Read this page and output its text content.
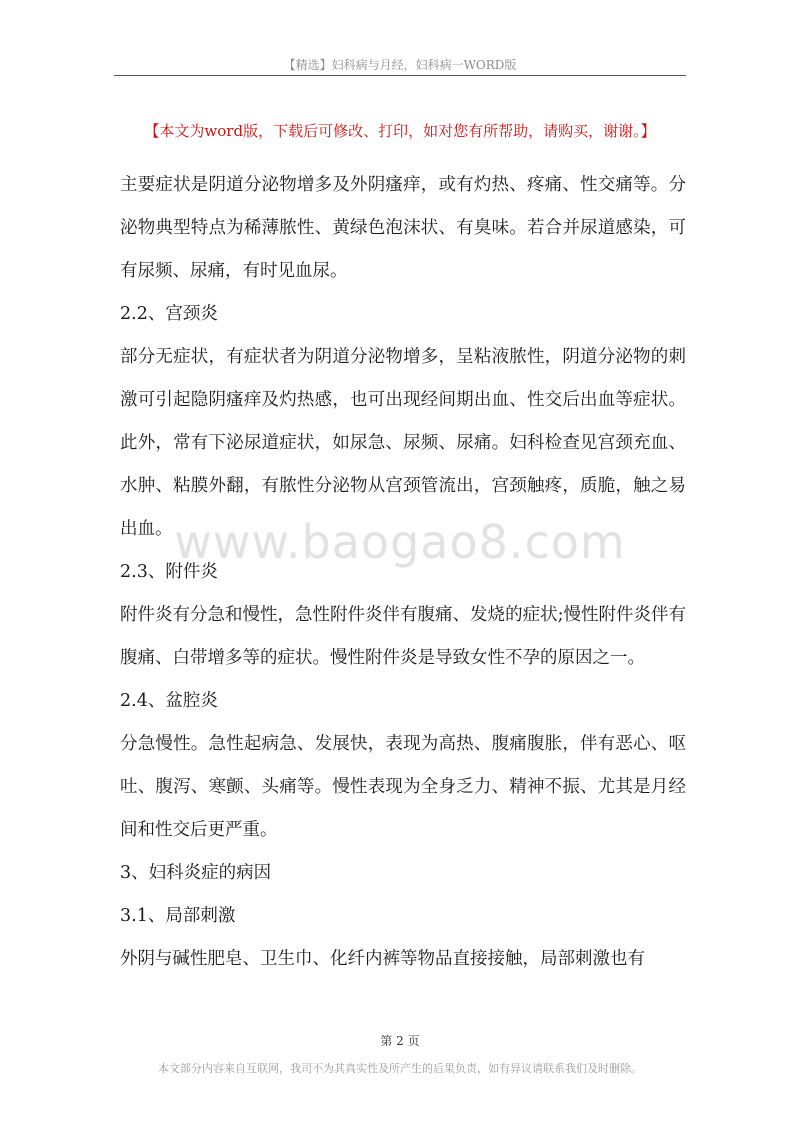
【精选】妇科病与月经，妇科病一WORD版
【本文为word版，下载后可修改、打印，如对您有所帮助，请购买，谢谢。】

主要症状是阴道分泌物增多及外阴瘙痒，或有灼热、疼痛、性交痛等。分泌物典型特点为稀薄脓性、黄绿色泡沫状、有臭味。若合并尿道感染，可有尿频、尿痛，有时见血尿。

2.2、宫颈炎

部分无症状，有症状者为阴道分泌物增多，呈粘液脓性，阴道分泌物的刺激可引起隐阴瘙痒及灼热感，也可出现经间期出血、性交后出血等症状。此外，常有下泌尿道症状，如尿急、尿频、尿痛。妇科检查见宫颈充血、水肿、粘膜外翻，有脓性分泌物从宫颈管流出，宫颈触疼，质脆，触之易出血。

2.3、附件炎

附件炎有分急和慢性，急性附件炎伴有腹痛、发烧的症状;慢性附件炎伴有腹痛、白带增多等的症状。慢性附件炎是导致女性不孕的原因之一。

2.4、盆腔炎

分急慢性。急性起病急、发展快，表现为高热、腹痛腹胀，伴有恶心、呕吐、腹泻、寒颤、头痛等。慢性表现为全身乏力、精神不振、尤其是月经间和性交后更严重。

3、妇科炎症的病因

3.1、局部刺激

外阴与碱性肥皂、卫生巾、化纤内裤等物品直接接触，局部刺激也有

www.baogao8.com
第 2 页
本文部分内容来自互联网，我司不为其真实性及所产生的后果负责，如有异议请联系我们及时删除。
